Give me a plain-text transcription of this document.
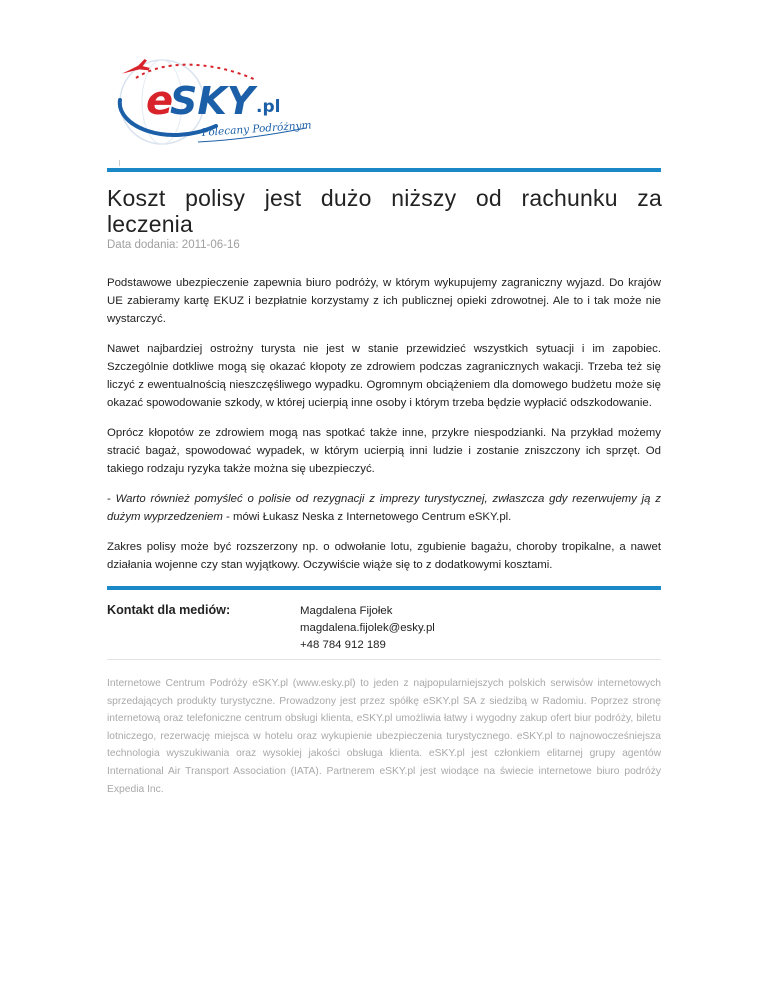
e
SKY .pl
Polecany Podróżnym
Koszt polisy jest dużo niższy od rachunku za leczenia
Data dodania: 2011-06-16

Podstawowe ubezpieczenie zapewnia biuro podróży, w którym wykupujemy zagraniczny wyjazd. Do krajów UE zabieramy kartę EKUZ i bezpłatnie korzystamy z ich publicznej opieki zdrowotnej. Ale to i tak może nie wystarczyć.

Nawet najbardziej ostrożny turysta nie jest w stanie przewidzieć wszystkich sytuacji i im zapobiec. Szczególnie dotkliwe mogą się okazać kłopoty ze zdrowiem podczas zagranicznych wakacji. Trzeba też się liczyć z ewentualnością nieszczęśliwego wypadku. Ogromnym obciążeniem dla domowego budżetu może się okazać spowodowanie szkody, w której ucierpią inne osoby i którym trzeba będzie wypłacić odszkodowanie.

Oprócz kłopotów ze zdrowiem mogą nas spotkać także inne, przykre niespodzianki. Na przykład możemy stracić bagaż, spowodować wypadek, w którym ucierpią inni ludzie i zostanie zniszczony ich sprzęt. Od takiego rodzaju ryzyka także można się ubezpieczyć.

- Warto również pomyśleć o polisie od rezygnacji z imprezy turystycznej, zwłaszcza gdy rezerwujemy ją z dużym wyprzedzeniem - mówi Łukasz Neska z Internetowego Centrum eSKY.pl.

Zakres polisy może być rozszerzony np. o odwołanie lotu, zgubienie bagażu, choroby tropikalne, a nawet działania wojenne czy stan wyjątkowy. Oczywiście wiąże się to z dodatkowymi kosztami.

Kontakt dla mediów:	Magdalena Fijołek
magdalena.fijolek@esky.pl
+48 784 912 189

Internetowe Centrum Podróży eSKY.pl (www.esky.pl) to jeden z najpopularniejszych polskich serwisów internetowych sprzedających produkty turystyczne. Prowadzony jest przez spółkę eSKY.pl SA z siedzibą w Radomiu. Poprzez stronę internetową oraz telefoniczne centrum obsługi klienta, eSKY.pl umożliwia łatwy i wygodny zakup ofert biur podróży, biletu lotniczego, rezerwację miejsca w hotelu oraz wykupienie ubezpieczenia turystycznego. eSKY.pl to najnowocześniejsza technologia wyszukiwania oraz wysokiej jakości obsługa klienta. eSKY.pl jest członkiem elitarnej grupy agentów International Air Transport Association (IATA). Partnerem eSKY.pl jest wiodące na świecie internetowe biuro podróży Expedia Inc.
